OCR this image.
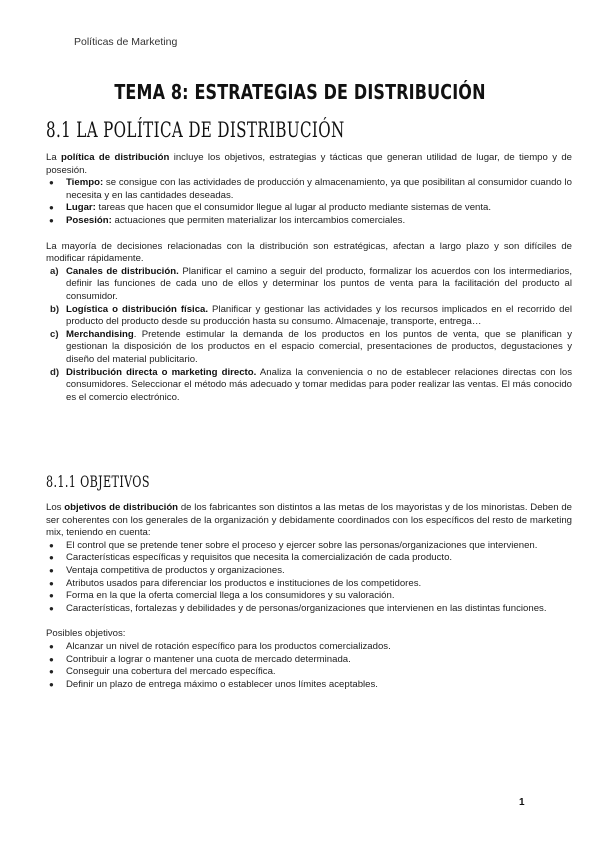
Políticas de Marketing
TEMA 8: ESTRATEGIAS DE DISTRIBUCIÓN
8.1 LA POLÍTICA DE DISTRIBUCIÓN

La política de distribución incluye los objetivos, estrategias y tácticas que generan utilidad de lugar, de tiempo y de posesión.

● Tiempo: se consigue con las actividades de producción y almacenamiento, ya que posibilitan al consumidor cuando lo necesita y en las cantidades deseadas.
● Lugar: tareas que hacen que el consumidor llegue al lugar al producto mediante sistemas de venta.
● Posesión: actuaciones que permiten materializar los intercambios comerciales.

La mayoría de decisiones relacionadas con la distribución son estratégicas, afectan a largo plazo y son difíciles de modificar rápidamente.

a) Canales de distribución. Planificar el camino a seguir del producto, formalizar los acuerdos con los intermediarios, definir las funciones de cada uno de ellos y determinar los puntos de venta para la facilitación del producto al consumidor.
b) Logística o distribución física. Planificar y gestionar las actividades y los recursos implicados en el recorrido del producto del producto desde su producción hasta su consumo. Almacenaje, transporte, entrega…
c) Merchandising. Pretende estimular la demanda de los productos en los puntos de venta, que se planifican y gestionan la disposición de los productos en el espacio comercial, presentaciones de productos, degustaciones y diseño del material publicitario.
d) Distribución directa o marketing directo. Analiza la conveniencia o no de establecer relaciones directas con los consumidores. Seleccionar el método más adecuado y tomar medidas para poder realizar las ventas. El más conocido es el comercio electrónico.
8.1.1 OBJETIVOS

Los objetivos de distribución de los fabricantes son distintos a las metas de los mayoristas y de los minoristas. Deben de ser coherentes con los generales de la organización y debidamente coordinados con los específicos del resto de marketing mix, teniendo en cuenta:

● El control que se pretende tener sobre el proceso y ejercer sobre las personas/organizaciones que intervienen.
● Características específicas y requisitos que necesita la comercialización de cada producto.
● Ventaja competitiva de productos y organizaciones.
● Atributos usados para diferenciar los productos e instituciones de los competidores.
● Forma en la que la oferta comercial llega a los consumidores y su valoración.
● Características, fortalezas y debilidades y de personas/organizaciones que intervienen en las distintas funciones.

Posibles objetivos:

● Alcanzar un nivel de rotación específico para los productos comercializados.
● Contribuir a lograr o mantener una cuota de mercado determinada.
● Conseguir una cobertura del mercado específica.
● Definir un plazo de entrega máximo o establecer unos límites aceptables.
1
